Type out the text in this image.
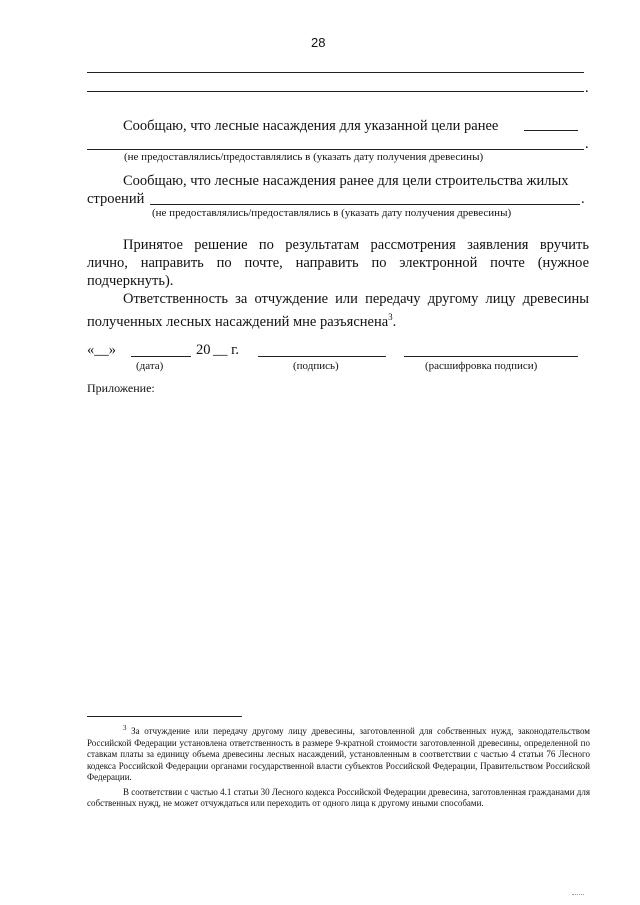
28
.
Сообщаю, что лесные насаждения для указанной цели ранее
.
(не предоставлялись/предоставлялись в (указать дату получения древесины)
Сообщаю, что лесные насаждения ранее для цели строительства жилых
строений	.
(не предоставлялись/предоставлялись в (указать дату получения древесины)
Принятое решение по результатам рассмотрения заявления вручить
лично, направить по почте, направить по электронной почте (нужное
подчеркнуть).
Ответственность за отчуждение или передачу другому лицу древесины
полученных лесных насаждений мне разъяснена$^3$.
«__»	20 __ г.
(дата)	(подпись)	(расшифровка подписи)
Приложение:

$^3$ За отчуждение или передачу другому лицу древесины, заготовленной для собственных нужд, законодательством Российской Федерации установлена ответственность в размере 9-кратной стоимости заготовленной древесины, определенной по ставкам платы за единицу объема древесины лесных насаждений, установленным в соответствии с частью 4 статьи 76 Лесного кодекса Российской Федерации органами государственной власти субъектов Российской Федерации, Правительством Российской Федерации.

В соответствии с частью 4.1 статьи 30 Лесного кодекса Российской Федерации древесина, заготовленная гражданами для собственных нужд, не может отчуждаться или переходить от одного лица к другому иными способами.
